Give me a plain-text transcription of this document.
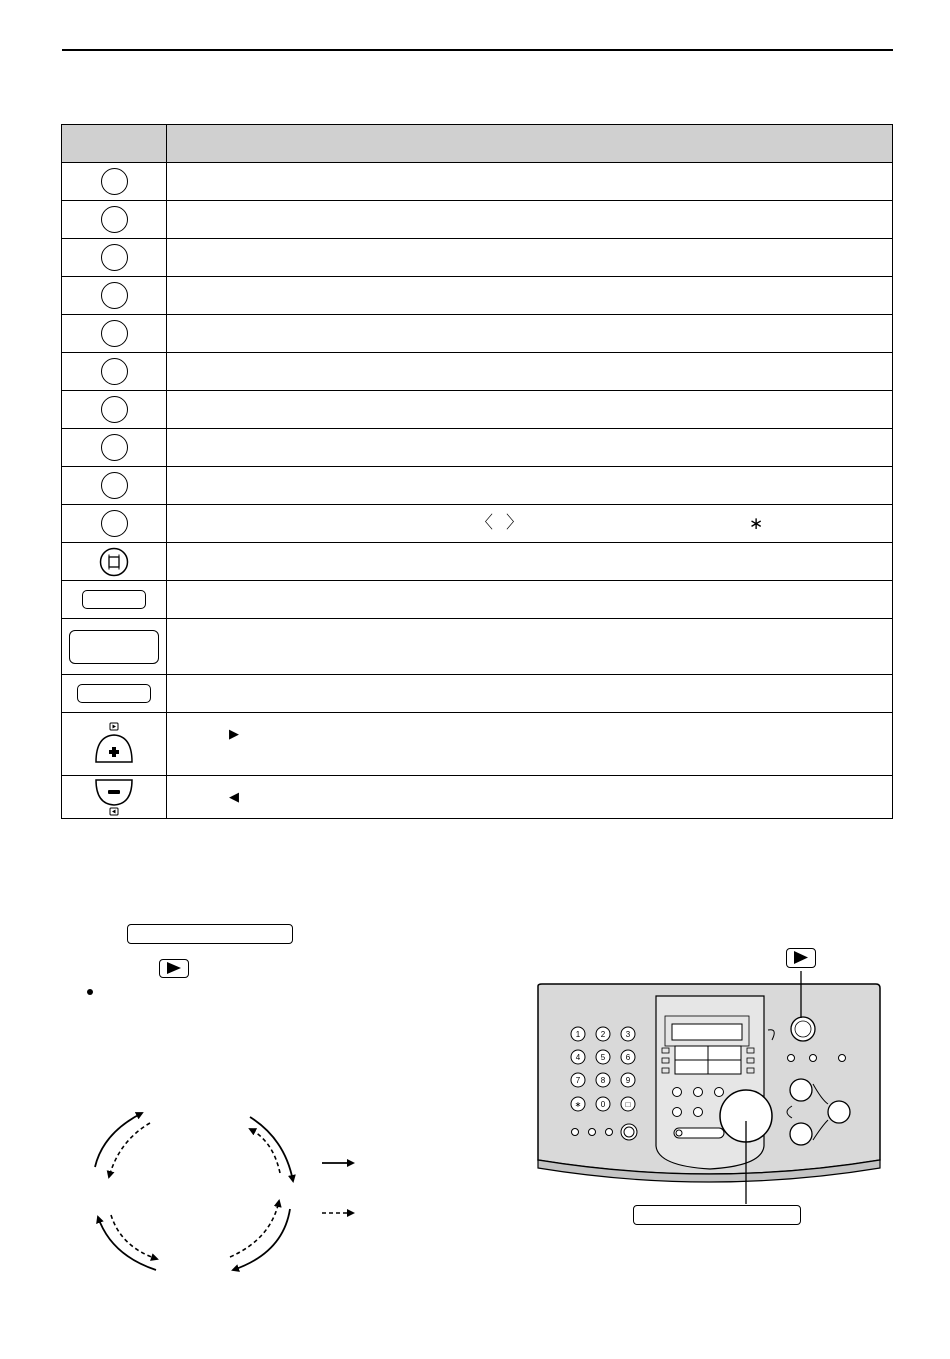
	〈 〉 ∗

▶

◀
1	2	3
4	5	6
7	8	9
∗ 0	□
